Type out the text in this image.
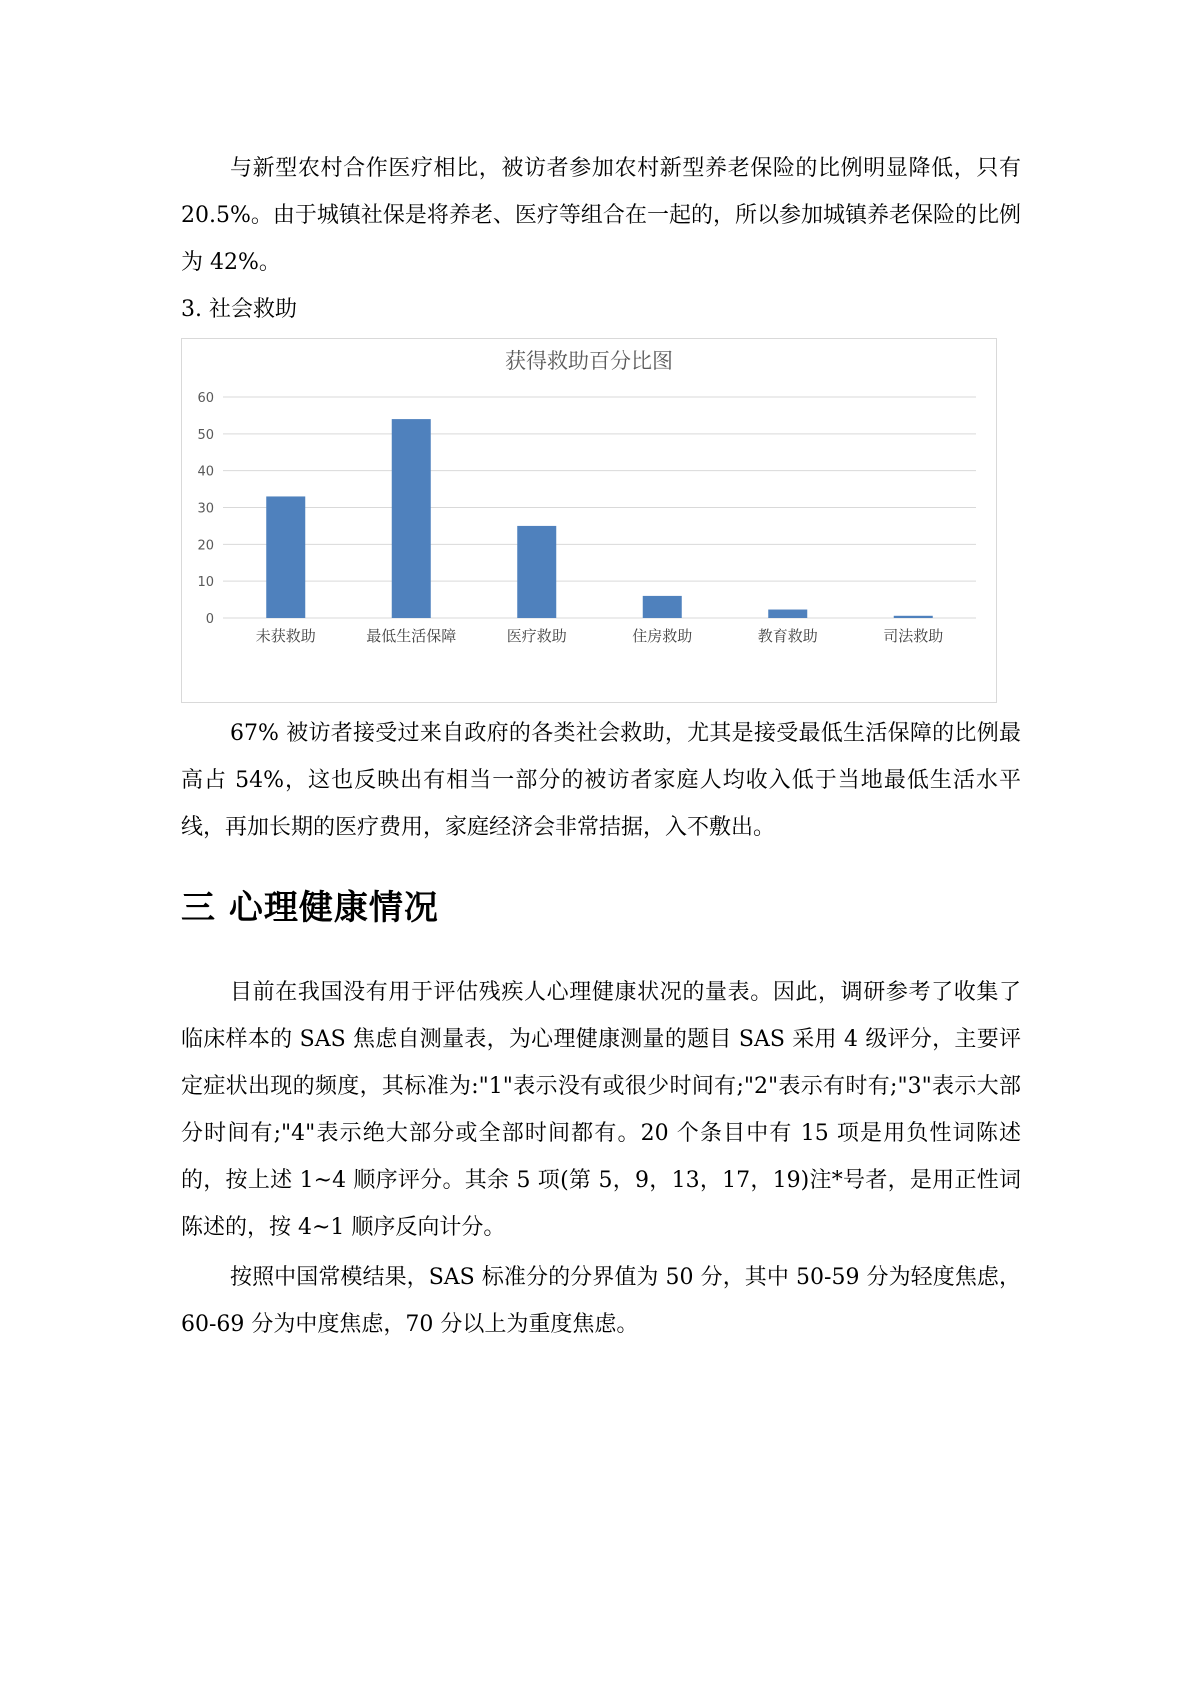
与新型农村合作医疗相比，被访者参加农村新型养老保险的比例明显降低，只有 20.5%。由于城镇社保是将养老、医疗等组合在一起的，所以参加城镇养老保险的比例为 42%。

3. 社会救助

获得救助百分比图
0
10
20
30
40
50
60
未获救助	最低生活保障	医疗救助	住房救助	教育救助	司法救助

67% 被访者接受过来自政府的各类社会救助，尤其是接受最低生活保障的比例最高占 54%，这也反映出有相当一部分的被访者家庭人均收入低于当地最低生活水平线，再加长期的医疗费用，家庭经济会非常拮据，入不敷出。

三 心理健康情况

目前在我国没有用于评估残疾人心理健康状况的量表。因此，调研参考了收集了临床样本的 SAS 焦虑自测量表，为心理健康测量的题目 SAS 采用 4 级评分，主要评定症状出现的频度，其标准为:"1"表示没有或很少时间有;"2"表示有时有;"3"表示大部分时间有;"4"表示绝大部分或全部时间都有。20 个条目中有 15 项是用负性词陈述的，按上述 1~4 顺序评分。其余 5 项(第 5，9，13，17，19)注*号者，是用正性词陈述的，按 4~1 顺序反向计分。

按照中国常模结果，SAS 标准分的分界值为 50 分，其中 50-59 分为轻度焦虑，60-69 分为中度焦虑，70 分以上为重度焦虑。
